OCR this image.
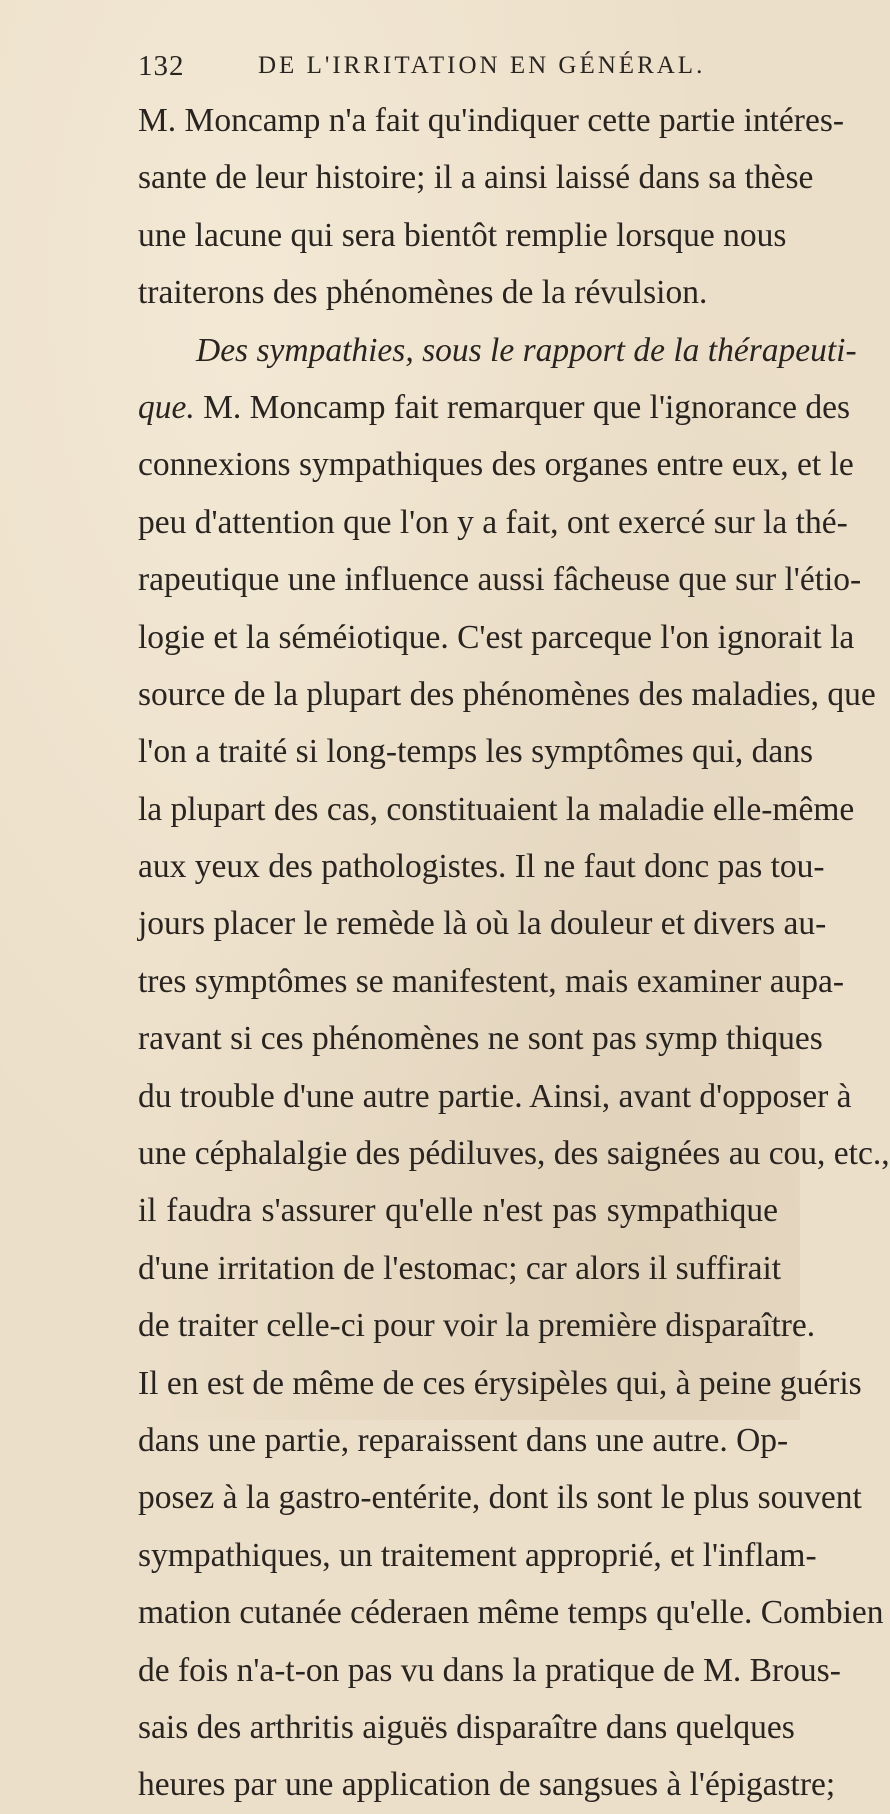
132	DE L'IRRITATION EN GÉNÉRAL.
M. Moncamp n'a fait qu'indiquer cette partie intéres-
sante de leur histoire; il a ainsi laissé dans sa thèse
une lacune qui sera bientôt remplie lorsque nous
traiterons des phénomènes de la révulsion.
Des sympathies, sous le rapport de la thérapeuti-
que. M. Moncamp fait remarquer que l'ignorance des
connexions sympathiques des organes entre eux, et le
peu d'attention que l'on y a fait, ont exercé sur la thé-
rapeutique une influence aussi fâcheuse que sur l'étio-
logie et la séméiotique. C'est parceque l'on ignorait la
source de la plupart des phénomènes des maladies, que
l'on a traité si long-temps les symptômes qui, dans
la plupart des cas, constituaient la maladie elle-même
aux yeux des pathologistes. Il ne faut donc pas tou-
jours placer le remède là où la douleur et divers au-
tres symptômes se manifestent, mais examiner aupa-
ravant si ces phénomènes ne sont pas symp thiques
du trouble d'une autre partie. Ainsi, avant d'opposer à
une céphalalgie des pédiluves, des saignées au cou, etc.,
il faudra s'assurer qu'elle n'est pas sympathique
d'une irritation de l'estomac; car alors il suffirait
de traiter celle-ci pour voir la première disparaître.
Il en est de même de ces érysipèles qui, à peine guéris
dans une partie, reparaissent dans une autre. Op-
posez à la gastro-entérite, dont ils sont le plus souvent
sympathiques, un traitement approprié, et l'inflam-
mation cutanée céderaen même temps qu'elle. Combien
de fois n'a-t-on pas vu dans la pratique de M. Brous-
sais des arthritis aiguës disparaître dans quelques
heures par une application de sangsues à l'épigastre;
